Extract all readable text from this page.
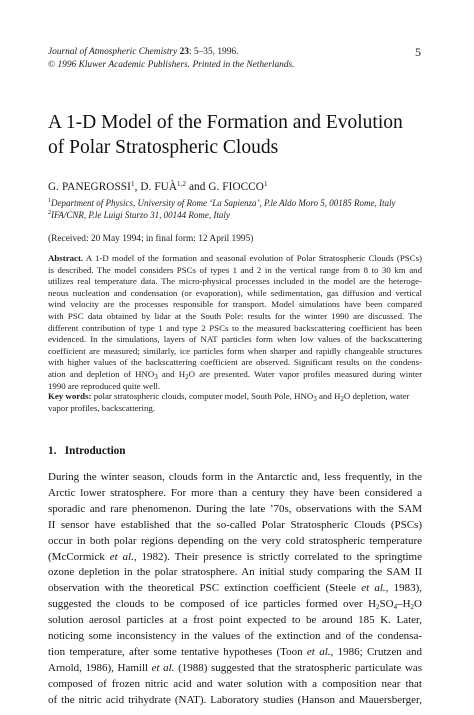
Journal of Atmospheric Chemistry 23: 5–35, 1996.
© 1996 Kluwer Academic Publishers. Printed in the Netherlands.
5
A 1-D Model of the Formation and Evolution
of Polar Stratospheric Clouds
G. PANEGROSSI$^1$, D. FUÀ$^{1,2}$ and G. FIOCCO$^1$
$^1$Department of Physics, University of Rome ‘La Sapienza’, P.le Aldo Moro 5, 00185 Rome, Italy
$^2$IFA/CNR, P.le Luigi Sturzo 31, 00144 Rome, Italy
(Received: 20 May 1994; in final form: 12 April 1995)
Abstract. A 1-D model of the formation and seasonal evolution of Polar Stratospheric Clouds (PSCs)
is described. The model considers PSCs of types 1 and 2 in the vertical range from 8 to 30 km and
utilizes real temperature data. The micro-physical processes included in the model are the heteroge-
neous nucleation and condensation (or evaporation), while sedimentation, gas diffusion and vertical
wind velocity are the processes responsible for transport. Model simulations have been compared
with PSC data obtained by lidar at the South Pole: results for the winter 1990 are discussed. The
different contribution of type 1 and type 2 PSCs to the measured backscattering coefficient has been
evidenced. In the simulations, layers of NAT particles form when low values of the backscattering
coefficient are measured; similarly, ice particles form when sharper and rapidly changeable structures
with higher values of the backscattering coefficient are observed. Significant results on the condens-
ation and depletion of $HNO_3$ and $H_2O$ are presented. Water vapor profiles measured during winter
1990 are reproduced quite well.
Key words: polar stratospheric clouds, computer model, South Pole, $HNO_3$ and $H_2O$ depletion, water
vapor profiles, backscattering.
1. Introduction
During the winter season, clouds form in the Antarctic and, less frequently, in the
Arctic lower stratosphere. For more than a century they have been considered a
sporadic and rare phenomenon. During the late ’70s, observations with the SAM
II sensor have established that the so-called Polar Stratospheric Clouds (PSCs)
occur in both polar regions depending on the very cold stratospheric temperature
(McCormick et al., 1982). Their presence is strictly correlated to the springtime
ozone depletion in the polar stratosphere. An initial study comparing the SAM II
observation with the theoretical PSC extinction coefficient (Steele et al., 1983),
suggested the clouds to be composed of ice particles formed over $H_2SO_4-H_2O$
solution aerosol particles at a frost point expected to be around 185 K. Later,
noticing some inconsistency in the values of the extinction and of the condensa-
tion temperature, after some tentative hypotheses (Toon et al., 1986; Crutzen and
Arnold, 1986), Hamill et al. (1988) suggested that the stratospheric particulate was
composed of frozen nitric acid and water solution with a composition near that
of the nitric acid trihydrate (NAT). Laboratory studies (Hanson and Mauersberger,
